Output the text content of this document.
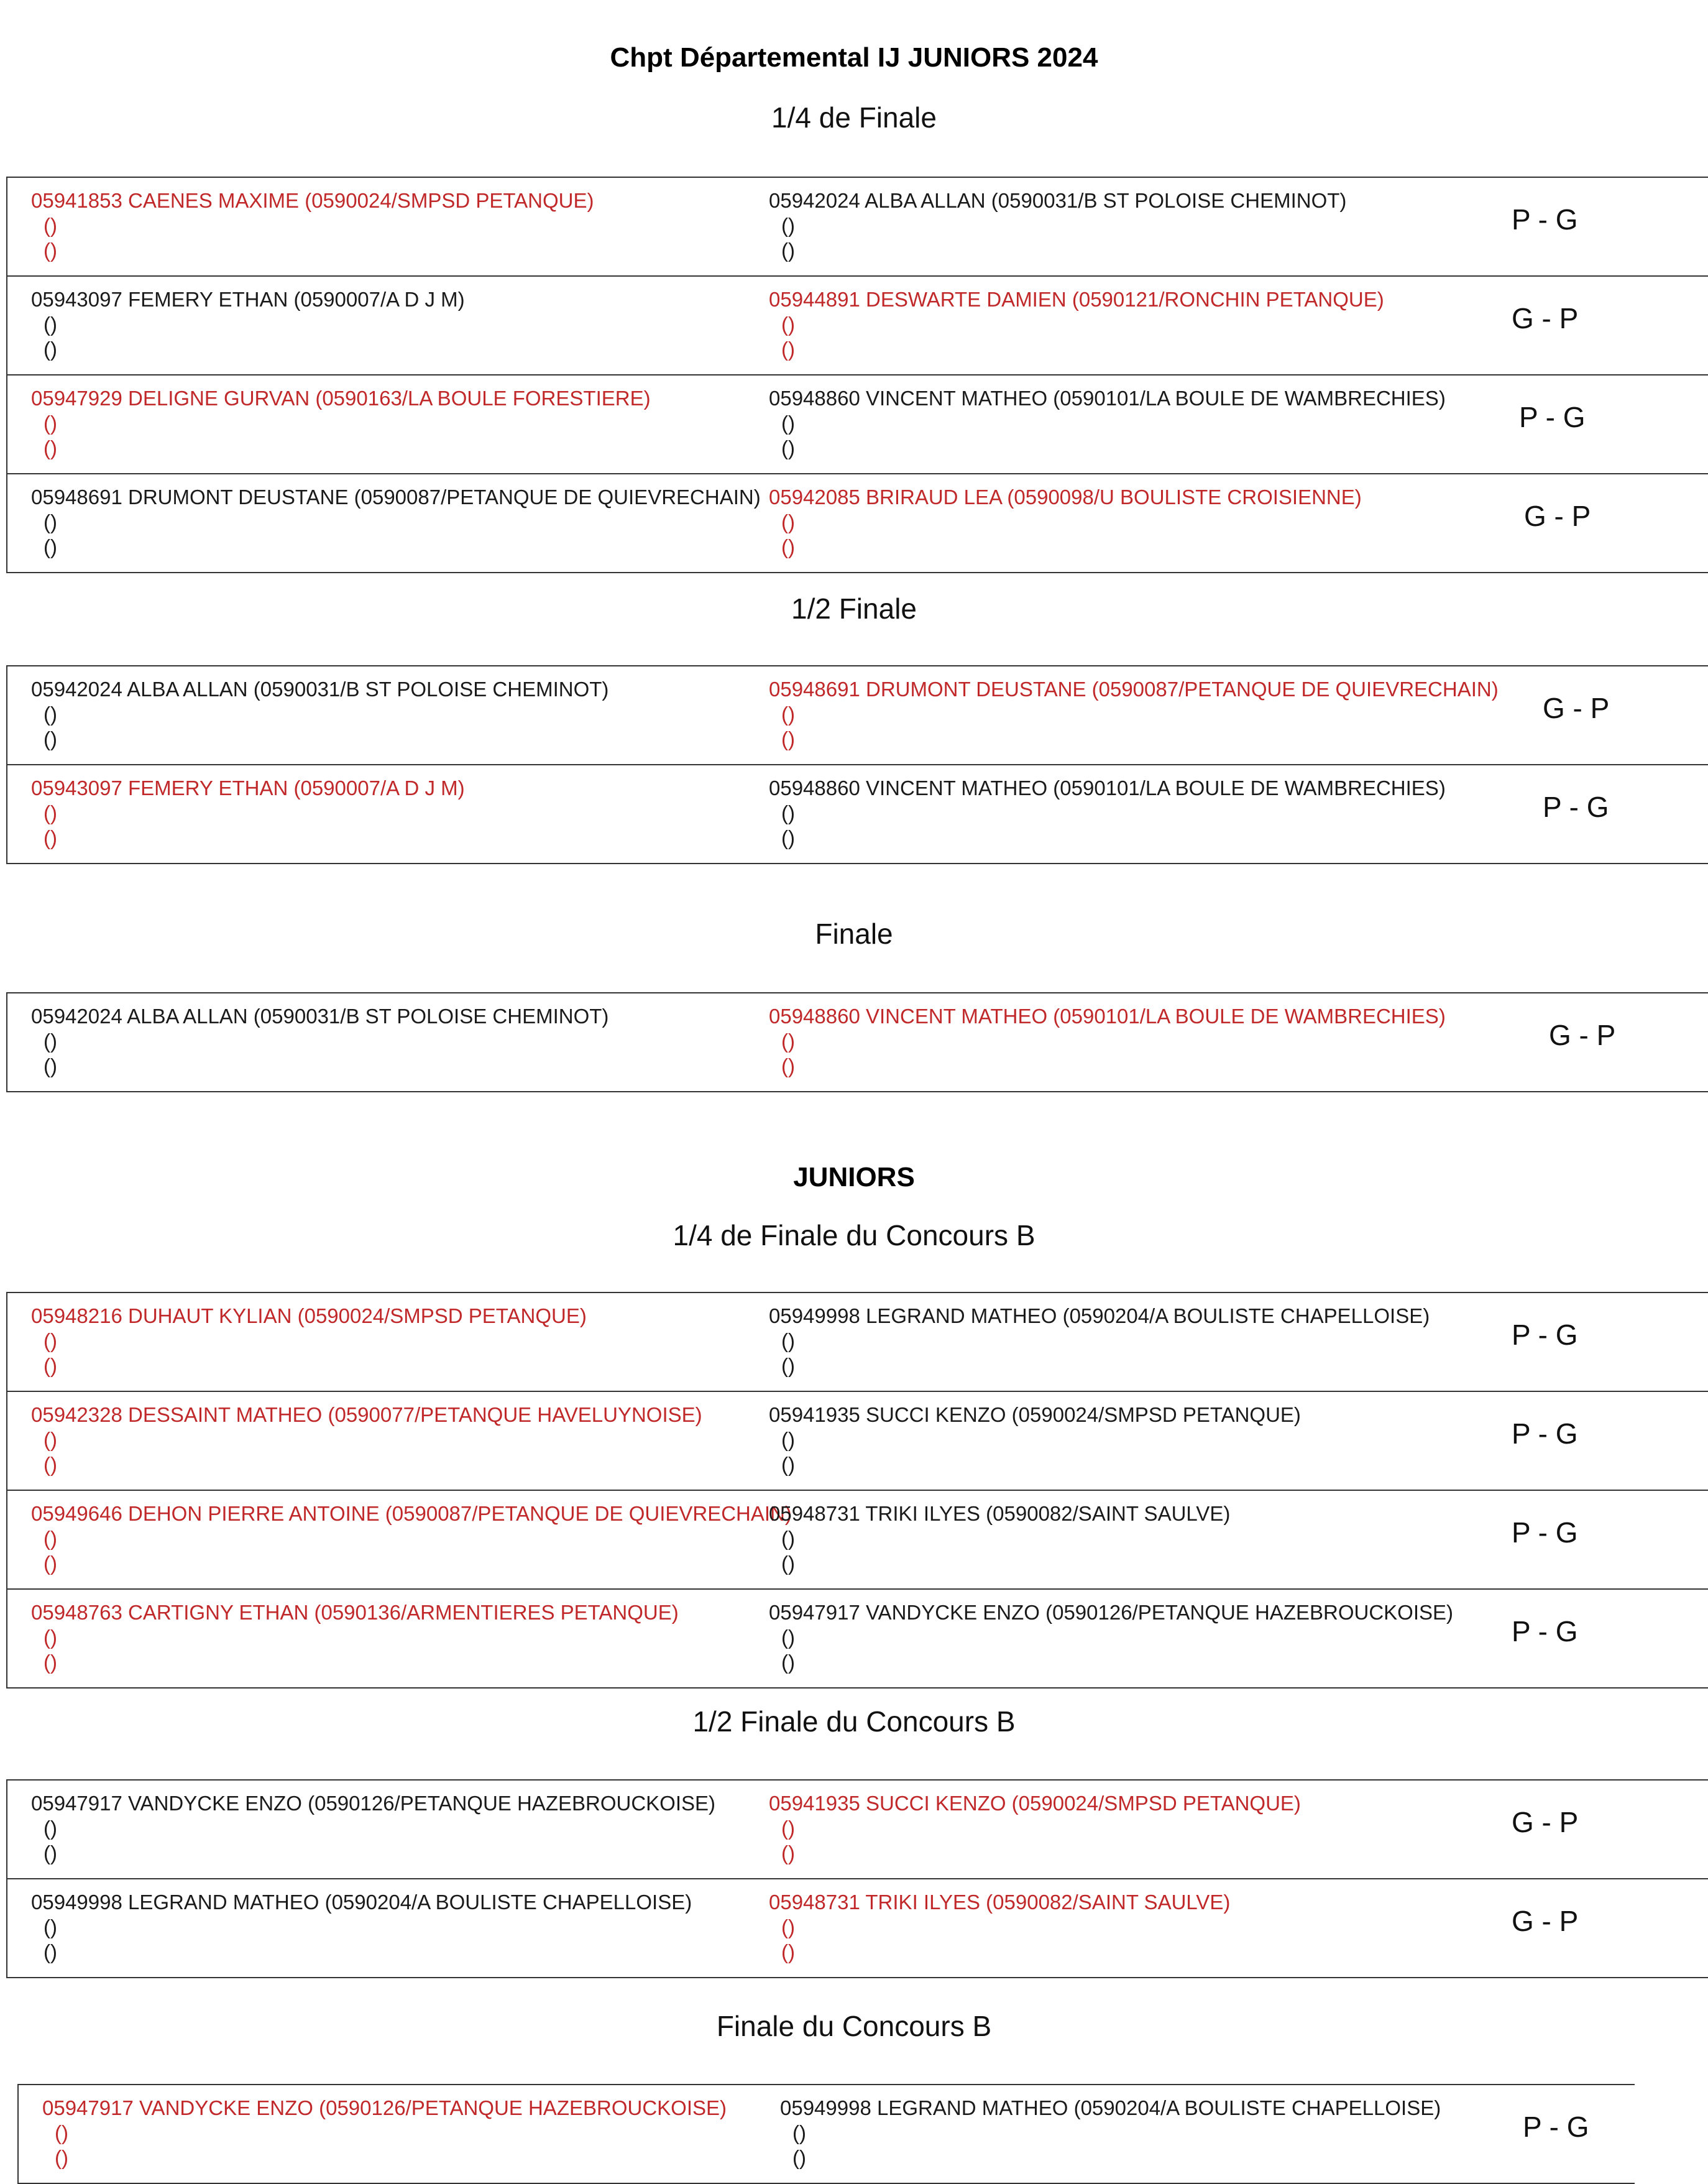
Chpt Départemental IJ JUNIORS 2024
1/4 de Finale
05941853 CAENES MAXIME (0590024/SMPSD PETANQUE)
()
()
05942024 ALBA ALLAN (0590031/B ST POLOISE CHEMINOT)
()
()
P - G
05943097 FEMERY ETHAN (0590007/A D J M)
()
()
05944891 DESWARTE DAMIEN (0590121/RONCHIN PETANQUE)
()
()
G - P
05947929 DELIGNE GURVAN (0590163/LA BOULE FORESTIERE)
()
()
05948860 VINCENT MATHEO (0590101/LA BOULE DE WAMBRECHIES)
()
()
P - G
05948691 DRUMONT DEUSTANE (0590087/PETANQUE DE QUIEVRECHAIN)
()
()
05942085 BRIRAUD LEA (0590098/U BOULISTE CROISIENNE)
()
()
G - P
1/2 Finale
05942024 ALBA ALLAN (0590031/B ST POLOISE CHEMINOT)
()
()
05948691 DRUMONT DEUSTANE (0590087/PETANQUE DE QUIEVRECHAIN)
()
()
G - P
05943097 FEMERY ETHAN (0590007/A D J M)
()
()
05948860 VINCENT MATHEO (0590101/LA BOULE DE WAMBRECHIES)
()
()
P - G
Finale
05942024 ALBA ALLAN (0590031/B ST POLOISE CHEMINOT)
()
()
05948860 VINCENT MATHEO (0590101/LA BOULE DE WAMBRECHIES)
()
()
G - P
JUNIORS
1/4 de Finale du Concours B
05948216 DUHAUT KYLIAN (0590024/SMPSD PETANQUE)
()
()
05949998 LEGRAND MATHEO (0590204/A BOULISTE CHAPELLOISE)
()
()
P - G
05942328 DESSAINT MATHEO (0590077/PETANQUE HAVELUYNOISE)
()
()
05941935 SUCCI KENZO (0590024/SMPSD PETANQUE)
()
()
P - G
05949646 DEHON PIERRE ANTOINE (0590087/PETANQUE DE QUIEVRECHAIN)
()
()
05948731 TRIKI ILYES (0590082/SAINT SAULVE)
()
()
P - G
05948763 CARTIGNY ETHAN (0590136/ARMENTIERES PETANQUE)
()
()
05947917 VANDYCKE ENZO (0590126/PETANQUE HAZEBROUCKOISE)
()
()
P - G
1/2 Finale du Concours B
05947917 VANDYCKE ENZO (0590126/PETANQUE HAZEBROUCKOISE)
()
()
05941935 SUCCI KENZO (0590024/SMPSD PETANQUE)
()
()
G - P
05949998 LEGRAND MATHEO (0590204/A BOULISTE CHAPELLOISE)
()
()
05948731 TRIKI ILYES (0590082/SAINT SAULVE)
()
()
G - P
Finale du Concours B
05947917 VANDYCKE ENZO (0590126/PETANQUE HAZEBROUCKOISE)
()
()
05949998 LEGRAND MATHEO (0590204/A BOULISTE CHAPELLOISE)
()
()
P - G
